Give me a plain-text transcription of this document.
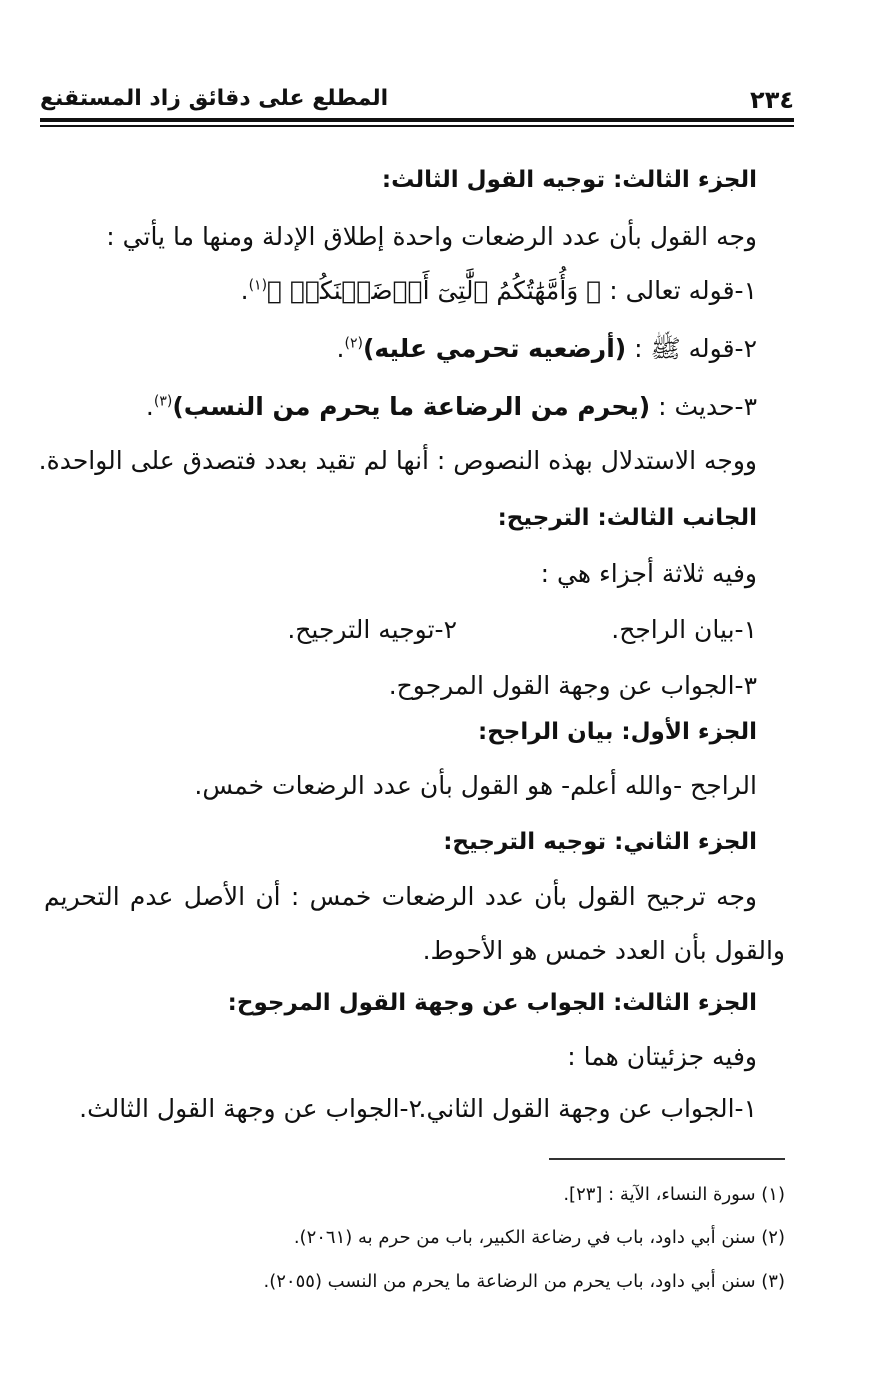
٢٣٤
المطلع على دقائق زاد المستقنع
الجزء الثالث: توجيه القول الثالث:
وجه القول بأن عدد الرضعات واحدة إطلاق الإدلة ومنها ما يأتي :
١-قوله تعالى : ﴿ وَأُمَّهَٰتُكُمُ ٱلَّٰتِىٓ أَرۡضَعۡنَكُمۡ ﴾$^{(١)}$.
٢-قوله ﷺ : (أرضعيه تحرمي عليه)$^{(٢)}$.
٣-حديث : (يحرم من الرضاعة ما يحرم من النسب)$^{(٣)}$.
ووجه الاستدلال بهذه النصوص : أنها لم تقيد بعدد فتصدق على الواحدة.
الجانب الثالث: الترجيح:
وفيه ثلاثة أجزاء هي :
١-بيان الراجح.
٢-توجيه الترجيح.
٣-الجواب عن وجهة القول المرجوح.
الجزء الأول: بيان الراجح:
الراجح -والله أعلم- هو القول بأن عدد الرضعات خمس.
الجزء الثاني: توجيه الترجيح:
وجه ترجيح القول بأن عدد الرضعات خمس : أن الأصل عدم التحريم
والقول بأن العدد خمس هو الأحوط.
الجزء الثالث: الجواب عن وجهة القول المرجوح:
وفيه جزئيتان هما :
١-الجواب عن وجهة القول الثاني.
٢-الجواب عن وجهة القول الثالث.
(١) سورة النساء، الآية : [٢٣].
(٢) سنن أبي داود، باب في رضاعة الكبير، باب من حرم به (٢٠٦١).
(٣) سنن أبي داود، باب يحرم من الرضاعة ما يحرم من النسب (٢٠٥٥).
